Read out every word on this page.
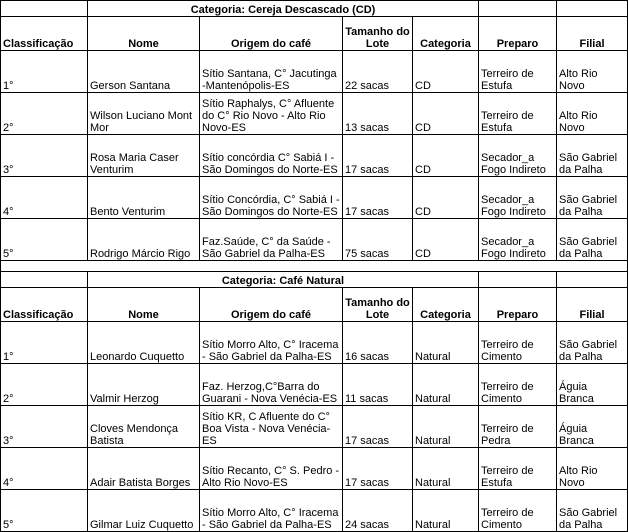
	Categoria: Cereja Descascado (CD)					
Classificação	Nome	Origem do café	Tamanho do Lote	Categoria	Preparo	Filial
1°	Gerson Santana	Sítio Santana, C° Jacutinga -Mantenópolis-ES	22 sacas	CD	Terreiro de Estufa	Alto Rio Novo
2°	Wilson Luciano Mont Mor	Sítio Raphalys, C° Afluente do C° Rio Novo - Alto Rio Novo-ES	13 sacas	CD	Terreiro de Estufa	Alto Rio Novo
3°	Rosa Maria Caser Venturim	Sítio concórdia C° Sabiá I - São Domingos do Norte-ES	17 sacas	CD	Secador_a Fogo Indireto	São Gabriel da Palha
4°	Bento Venturim	Sítio Concórdia, C° Sabiá I - São Domingos do Norte-ES	17 sacas	CD	Secador_a Fogo Indireto	São Gabriel da Palha
5°	Rodrigo Márcio Rigo	Faz.Saúde, C° da Saúde - São Gabriel da Palha-ES	75 sacas	CD	Secador_a Fogo Indireto	São Gabriel da Palha

	Categoria: Café Natural					
Classificação	Nome	Origem do café	Tamanho do Lote	Categoria	Preparo	Filial
1°	Leonardo Cuquetto	Sítio Morro Alto, C° Iracema - São Gabriel da Palha-ES	16 sacas	Natural	Terreiro de Cimento	São Gabriel da Palha
2°	Valmir Herzog	Faz. Herzog,C°Barra do Guarani - Nova Venécia-ES	11 sacas	Natural	Terreiro de Cimento	Águia Branca
3°	Cloves Mendonça Batista	Sítio KR, C Afluente do C° Boa Vista - Nova Venécia-ES	17 sacas	Natural	Terreiro de Pedra	Águia Branca
4°	Adair Batista Borges	Sítio Recanto, C° S. Pedro - Alto Rio Novo-ES	17 sacas	Natural	Terreiro de Estufa	Alto Rio Novo
5°	Gilmar Luiz Cuquetto	Sítio Morro Alto, C° Iracema - São Gabriel da Palha-ES	24 sacas	Natural	Terreiro de Cimento	São Gabriel da Palha
